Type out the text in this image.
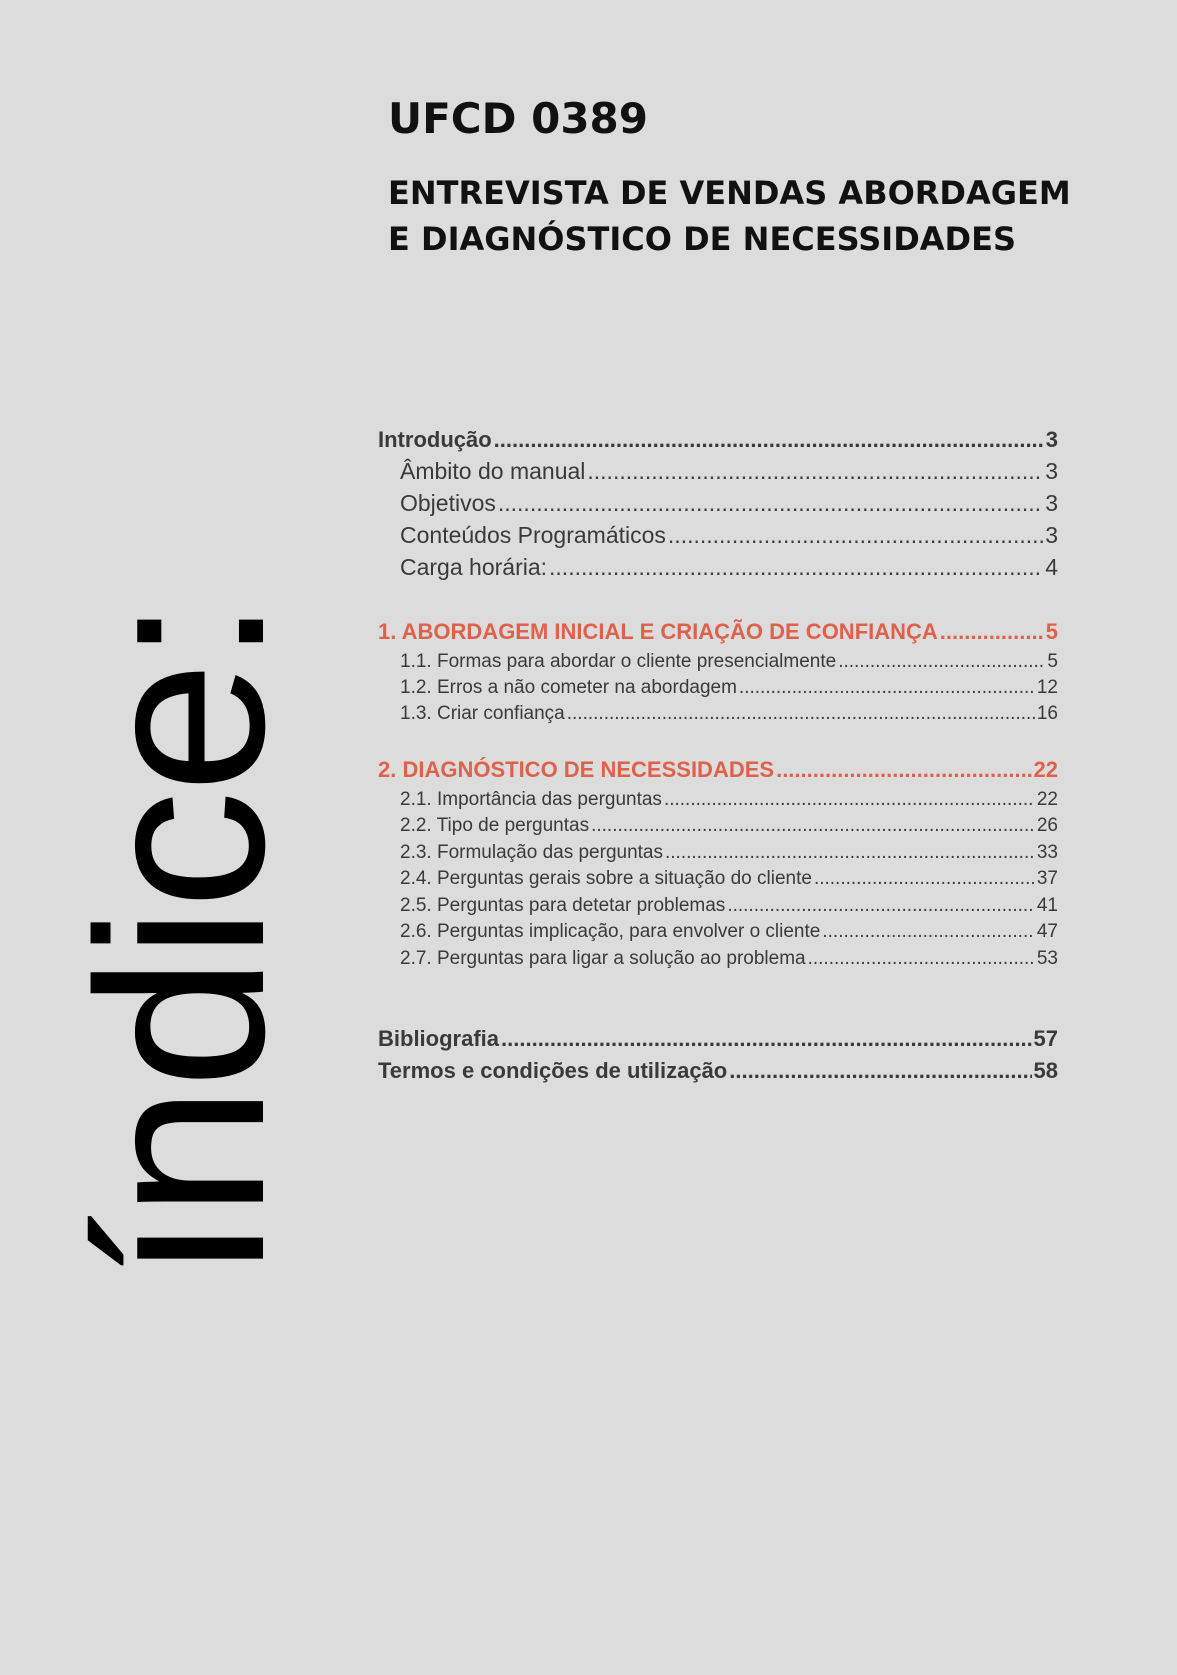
índice:
UFCD 0389
ENTREVISTA DE VENDAS ABORDAGEM
E DIAGNÓSTICO DE NECESSIDADES
Introdução .....	3
Âmbito do manual .....	3
Objetivos .....	3
Conteúdos Programáticos .....	3
Carga horária: .....	4
1. ABORDAGEM INICIAL E CRIAÇÃO DE CONFIANÇA .....	5
1.1. Formas para abordar o cliente presencialmente .....	5
1.2. Erros a não cometer na abordagem .....	12
1.3. Criar confiança .....	16
2. DIAGNÓSTICO DE NECESSIDADES .....	22
2.1. Importância das perguntas .....	22
2.2. Tipo de perguntas .....	26
2.3. Formulação das perguntas .....	33
2.4. Perguntas gerais sobre a situação do cliente .....	37
2.5. Perguntas para detetar problemas .....	41
2.6. Perguntas implicação, para envolver o cliente .....	47
2.7. Perguntas para ligar a solução ao problema .....	53
Bibliografia .....	57
Termos e condições de utilização .....	58
